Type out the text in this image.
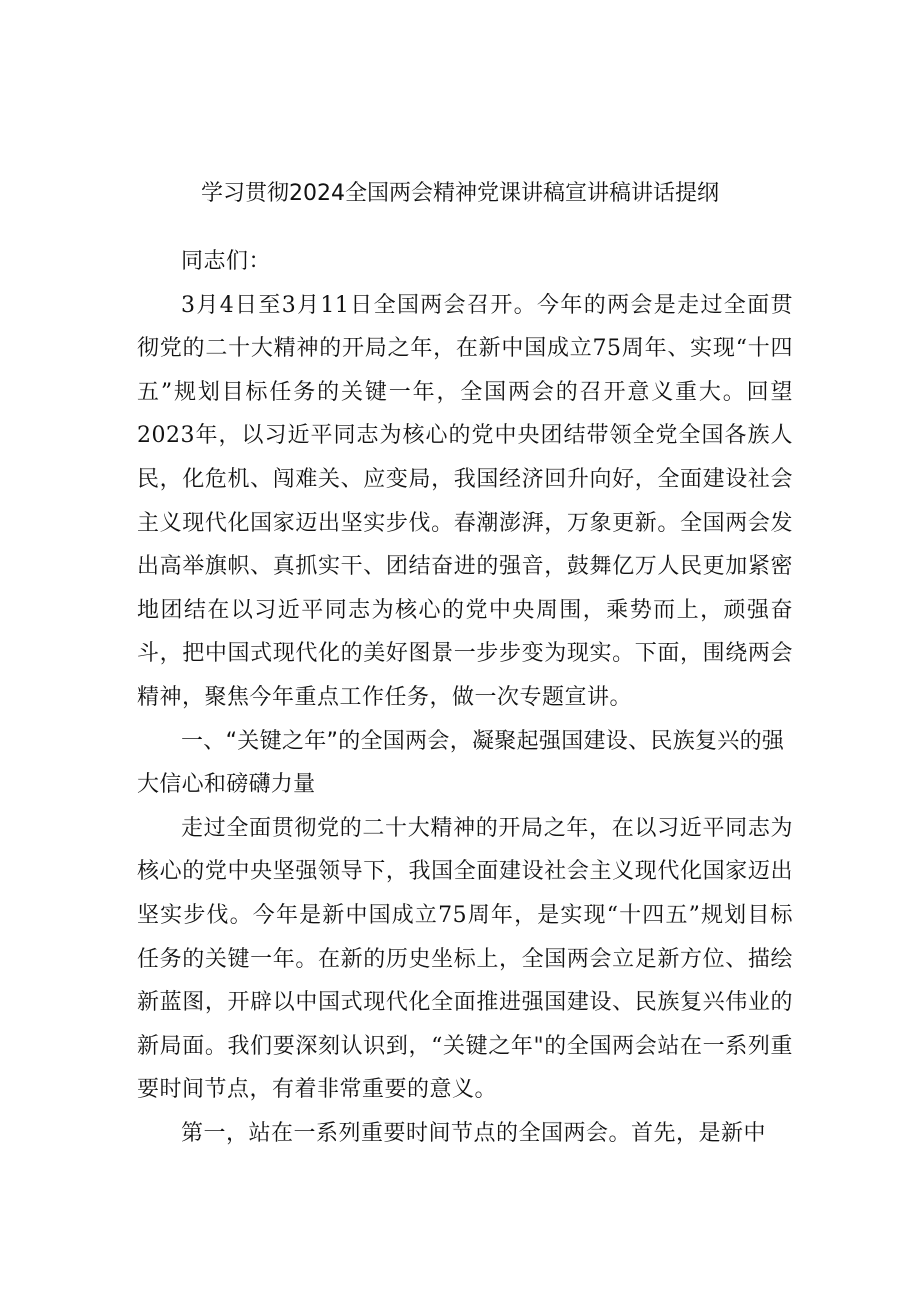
学习贯彻2024全国两会精神党课讲稿宣讲稿讲话提纲

同志们：

3月4日至3月11日全国两会召开。今年的两会是走过全面贯彻党的二十大精神的开局之年，在新中国成立75周年、实现“十四五”规划目标任务的关键一年，全国两会的召开意义重大。回望2023年，以习近平同志为核心的党中央团结带领全党全国各族人民，化危机、闯难关、应变局，我国经济回升向好，全面建设社会主义现代化国家迈出坚实步伐。春潮澎湃，万象更新。全国两会发出高举旗帜、真抓实干、团结奋进的强音，鼓舞亿万人民更加紧密地团结在以习近平同志为核心的党中央周围，乘势而上，顽强奋斗，把中国式现代化的美好图景一步步变为现实。下面，围绕两会精神，聚焦今年重点工作任务，做一次专题宣讲。

一、“关键之年”的全国两会，凝聚起强国建设、民族复兴的强大信心和磅礴力量

走过全面贯彻党的二十大精神的开局之年，在以习近平同志为核心的党中央坚强领导下，我国全面建设社会主义现代化国家迈出坚实步伐。今年是新中国成立75周年，是实现“十四五”规划目标任务的关键一年。在新的历史坐标上，全国两会立足新方位、描绘新蓝图，开辟以中国式现代化全面推进强国建设、民族复兴伟业的新局面。我们要深刻认识到，“关键之年"的全国两会站在一系列重要时间节点，有着非常重要的意义。

第一，站在一系列重要时间节点的全国两会。首先，是新中
